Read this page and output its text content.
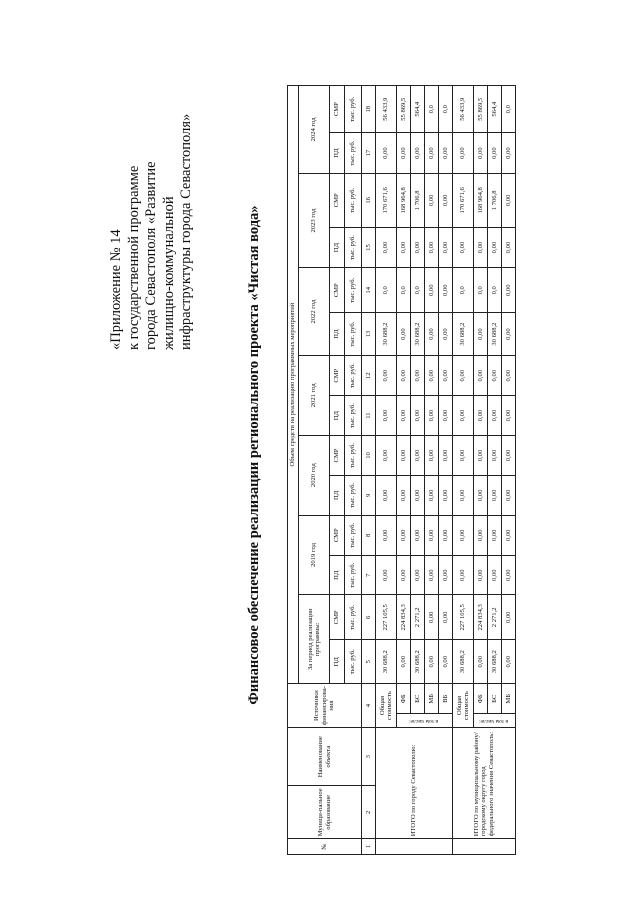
«Приложение № 14 к государственной программе города Севастополя «Развитие жилищно-коммунальной инфраструктуры города Севастополя»	Финансовое обеспечение реализации регионального проекта «Чистая вода»
№	Муници-пальное образование	Наименование объекта	Источники финансирова-ния		Объем средств на реализацию программных мероприятий													
					За период реализации программы:		2019 год		2020 год		2021 год		2022 год		2023 год		2024 год	
					ПД	СМР	ПД	СМР	ПД	СМР	ПД	СМР	ПД	СМР	ПД	СМР	ПД	СМР
					тыс. руб.	тыс. руб.	тыс. руб.	тыс. руб.	тыс. руб.	тыс. руб.	тыс. руб.	тыс. руб.	тыс. руб.	тыс. руб.	тыс. руб.	тыс. руб.	тыс. руб.	тыс. руб.
1	2	3	4		5	6	7	8	9	10	11	12	13	14	15	16	17	18
	ИТОГО по городу Севастополю:		Общая стоимость		30 688,2	227 105,5	0,00	0,00	0,00	0,00	0,00	0,00	30 688,2	0,0	0,00	170 671,6	0,00	56 433,9
			в том числе:	ФБ	0,00	224 834,3	0,00	0,00	0,00	0,00	0,00	0,00	0,00	0,0	0,00	168 964,8	0,00	55 869,5
				БС	30 688,2	2 271,2	0,00	0,00	0,00	0,00	0,00	0,00	30 688,2	0,0	0,00	1 706,8	0,00	564,4
				МБ	0,00	0,00	0,00	0,00	0,00	0,00	0,00	0,00	0,00	0,00	0,00	0,00	0,00	0,0
				ВБ	0,00	0,00	0,00	0,00	0,00	0,00	0,00	0,00	0,00	0,00	0,00	0,00	0,00	0,0
	ИТОГО по муниципальному району/ городскому округу город федерального значения Севастополь:		Общая стоимость		30 688,2	227 105,5	0,00	0,00	0,00	0,00	0,00	0,00	30 688,2	0,0	0,00	170 671,6	0,00	56 433,9
			в том числе:	ФБ	0,00	224 834,3	0,00	0,00	0,00	0,00	0,00	0,00	0,00	0,0	0,00	168 964,8	0,00	55 869,5
				БС	30 688,2	2 271,2	0,00	0,00	0,00	0,00	0,00	0,00	30 688,2	0,0	0,00	1 706,8	0,00	564,4
				МБ	0,00	0,00	0,00	0,00	0,00	0,00	0,00	0,00	0,00	0,00	0,00	0,00	0,00	0,0
